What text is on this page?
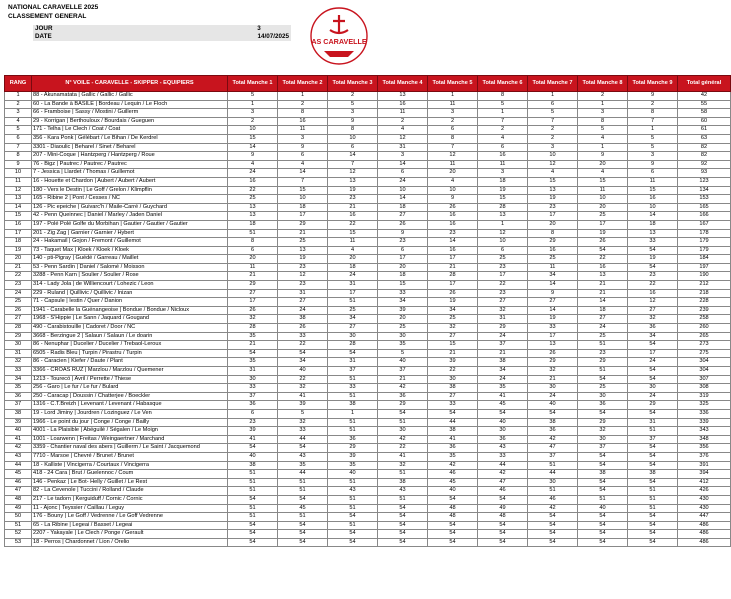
NATIONAL CARAVELLE 2025
CLASSEMENT GENERAL
JOUR	3
DATE	14/07/2025
AS CARAVELLE
RANG	N° VOILE - CARAVELLE - SKIPPER - EQUIPIERS	Total Manche 1	Total Manche 2	Total Manche 3	Total Manche 4	Total Manche 5	Total Manche 6	Total Manche 7	Total Manche 8	Total Manche 9	Total général
1	88 - Akunamatata | Gallic / Gallic / Gallic	5	1	2	13	1	8	1	2	9	42
2	60 - La Bande à BASILE | Bordeau / Lequin / Le Floch	1	2	5	16	11	5	6	1	2	55
3	66 - Framboise | Sassy / Mostini / Guillerm	3	8	3	11	3	1	5	3	8	58
4	29 - Korrigan | Berthouloux / Bourdais / Gueguen	2	16	9	2	2	7	7	8	7	60
5	171 - Telha | Le Clech / Coat / Coat	10	11	8	4	6	2	2	5	1	61
6	356 - Kara Ponk | Gélébart / Le Bihan / De Kerdrel	15	3	10	12	8	4	2	4	5	63
7	3301 - Diaoulic | Beharel / Sinet / Beharel	14	9	6	31	7	6	3	1	5	82
8	207 - Mini-Coque | Hantzperg / Hantzperg / Roue	9	6	14	3	12	16	10	9	3	82
9	76 - Bigz | Pautrec / Pautrec / Pautrec	4	4	7	14	11	11	12	20	9	92
10	7 - Jessica | Llardet / Thomas / Guillemot	24	14	12	6	20	3	4	4	6	93
11	16 - Houette et Chardon | Aubert / Aubert / Aubert	16	7	13	24	4	18	15	15	11	123
12	180 - Vers le Destin | Le Goff / Grelon / Klimpflin	22	15	19	10	10	19	13	11	15	134
13	165 - Ribine 2 | Pont / Cesses / NC	25	10	23	14	9	15	19	10	16	153
14	126 - Pic epeiche | Guivarc'h / Maile-Carré / Guychard	13	18	21	18	26	28	23	20	10	165
15	42 - Penn Queinnec | Daniel / Marley / Jaden Daniel	13	17	16	27	16	13	17	25	14	166
16	197 - Polé Polé Golfe du Morbihan | Gautier / Gautier / Gautier	18	29	22	26	16	1	20	17	18	167
17	201 - Zig Zag | Garnier / Garnier / Hybert	51	21	15	9	23	12	8	19	13	178
18	24 - Hakamail | Gojon / Fremont / Guillemot	8	25	11	23	14	10	29	26	33	179
19	73 - Taquet Max | Kloek / Kloek / Kloek	6	13	4	6	16	6	16	54	54	179
20	140 - pti-Pigray | Guédé / Garreau / Maillet	20	19	20	17	17	25	25	22	19	184
21	53 - Penn Sardin | Daniel / Salomé / Moisson	11	23	18	20	21	23	11	16	54	197
22	3288 - Penn Karn | Soulier / Soulier / Rose	21	12	24	18	28	17	34	13	23	190
23	314 - Lady Jola | de Williencourt / Lohezic / Leon	29	23	31	15	17	22	14	21	22	212
24	229 - Ruland | Quillivic / Quillivic / Inizan	27	31	17	33	26	23	9	21	16	218
25	71 - Capsule | Iestin / Quer / Danion	17	27	51	34	19	27	27	14	12	228
26	1941 - Carabelle la Guénangeoise | Bondue / Bondue / Nicloux	26	24	25	39	34	32	14	18	27	239
27	1968 - S'Hippie | Le Sann / Jaquard / Gougand	32	38	34	20	25	31	19	27	32	258
28	490 - Carabistouille | Cadoret / Door / NC	28	26	27	25	32	29	33	24	36	260
29	3668 - Berzingue 2 | Salaun / Salaun / Le doarin	35	33	30	30	27	24	17	25	34	265
30	86 - Nenuphar | Ducelier / Ducelier / Trebaol-Leroux	21	22	28	35	15	37	13	51	54	273
31	6505 - Radis Bleu | Turpin / Pirastru / Turpin	54	54	54	5	21	21	26	23	17	275
32	86 - Caracien | Kiefer / Daute / Plant	35	34	31	40	39	38	29	29	24	304
33	3366 - CROAS RUZ | Marzlou / Marzlou / Quemener	31	40	37	37	22	34	32	51	54	304
34	1213 - Tourecó | Avril / Perrette / Thiese	30	22	51	21	30	24	21	54	54	307
35	256 - Garo | Le fur / Le fur / Bulard	33	32	33	42	38	35	30	25	30	308
36	250 - Caracap | Doussin / Chatterjee / Boeckler	37	41	51	36	27	41	24	30	24	319
37	1316 - C.T.Breizh | Levenant / Levenant / Habasque	36	39	38	29	33	45	40	36	29	325
38	19 - Lord Jiminy | Jourdren / Lozinguez / Le Ven	6	5	1	54	54	54	54	54	54	336
39	1966 - Le point du jour | Conge / Conge / Bailly	23	32	51	51	44	40	38	29	31	339
40	4001 - La Plaisible | Abéguilé / Ségalen / Le Moign	39	33	51	30	38	30	36	32	51	343
41	1001 - Loarwenn | Freitas / Weingaertner / Marchand	41	44	36	42	41	36	42	30	37	348
42	3359 - Chantier naval des abers | Guillerm / Le Saint / Jacquemond	54	54	29	22	36	43	47	37	54	356
43	7710 - Marsoe | Chevré / Brunet / Brunet	40	43	39	41	35	33	37	54	54	376
44	18 - Kalliste | Vincigerra / Courtaux / Vincigerra	38	35	35	32	42	44	51	54	54	391
45	418 - 24 Cara | Brut / Guelennoc / Coum	51	44	40	51	46	42	44	38	38	394
46	146 - Penkaz | Le Bot- Helly / Guillet / Le Rest	51	51	51	38	45	47	30	54	54	412
47	82 - La Cevenole | Tuccini / Rolland / Claude	51	51	43	43	40	46	51	54	51	426
48	217 - Le tadorn | Kerguiduff / Cornic / Cornic	54	54	51	51	54	54	46	51	51	430
49	11 - Ajonc | Teyssier / Caillau / Leguy	51	45	51	54	48	49	42	40	51	430
50	176 - Bouny | Le Goff / Vedrenne / Le Goff Vedrenne	51	51	54	54	48	48	54	54	54	447
51	65 - La Ribine | Legeai / Basset / Legeai	54	54	51	54	54	54	54	54	54	486
52	2207 - Yakayale | Le Clech / Ponge / Gerault	54	54	54	54	54	54	54	54	54	486
53	18 - Perros | Chardonnet / Lion / Orelio	54	54	54	54	54	54	54	54	54	486
